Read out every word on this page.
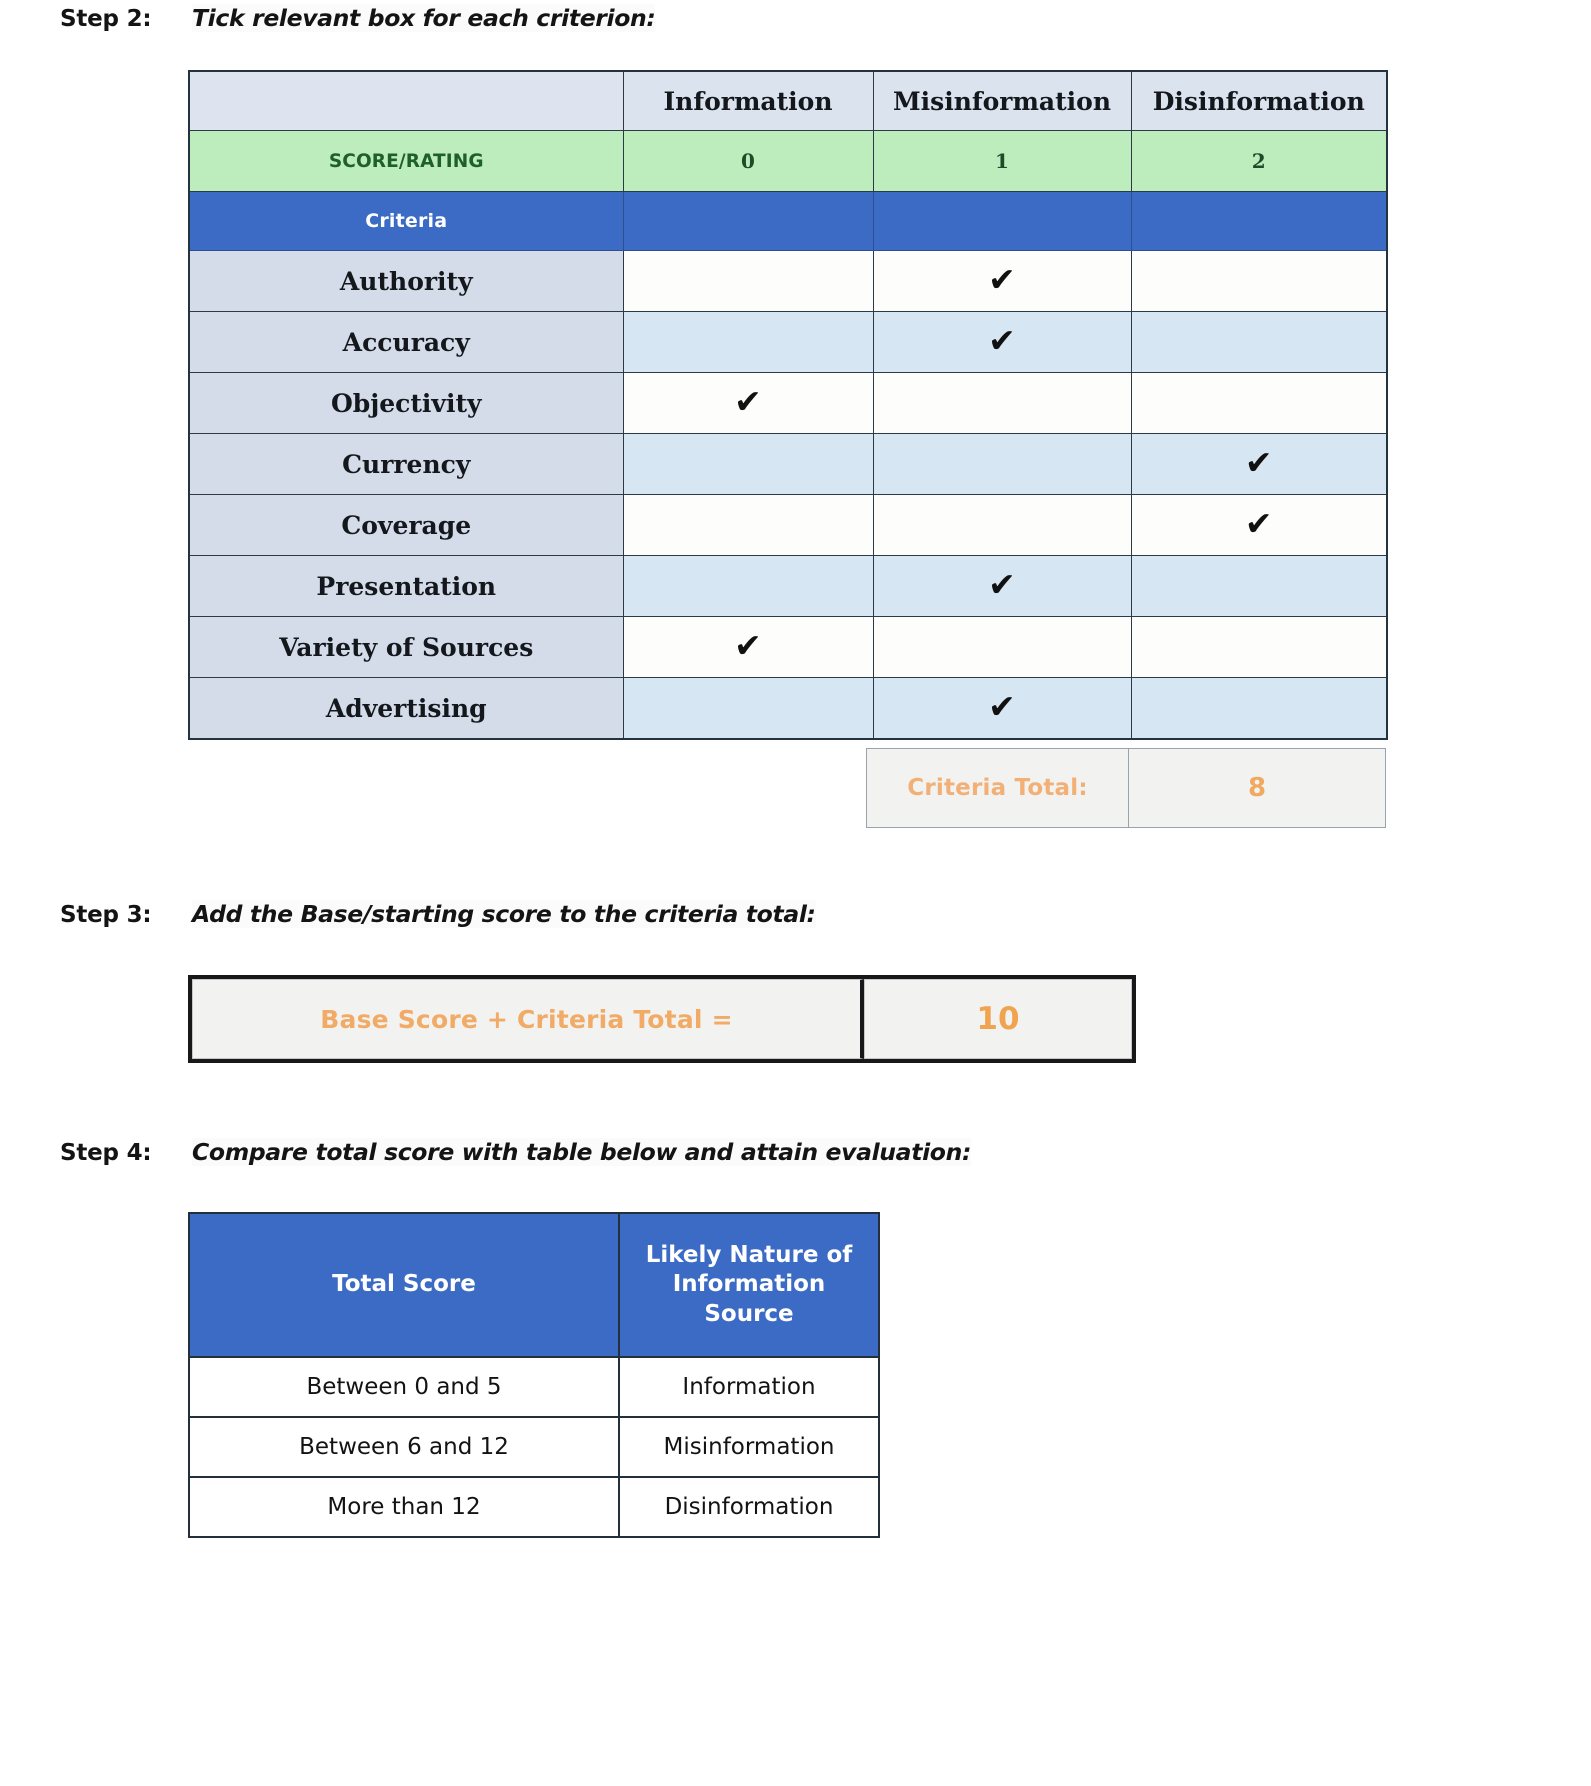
Step 2:	Tick relevant box for each criterion:
	Information	Misinformation	Disinformation
SCORE/RATING	0	1	2
Criteria			
Authority		✔	
Accuracy		✔	
Objectivity	✔		
Currency			✔
Coverage			✔
Presentation		✔	
Variety of Sources	✔		
Advertising		✔	
Criteria Total:	8
Step 3:	Add the Base/starting score to the criteria total:
Base Score + Criteria Total =	10
Step 4:	Compare total score with table below and attain evaluation:
Total Score	Likely Nature of Information Source
Between 0 and 5	Information
Between 6 and 12	Misinformation
More than 12	Disinformation
